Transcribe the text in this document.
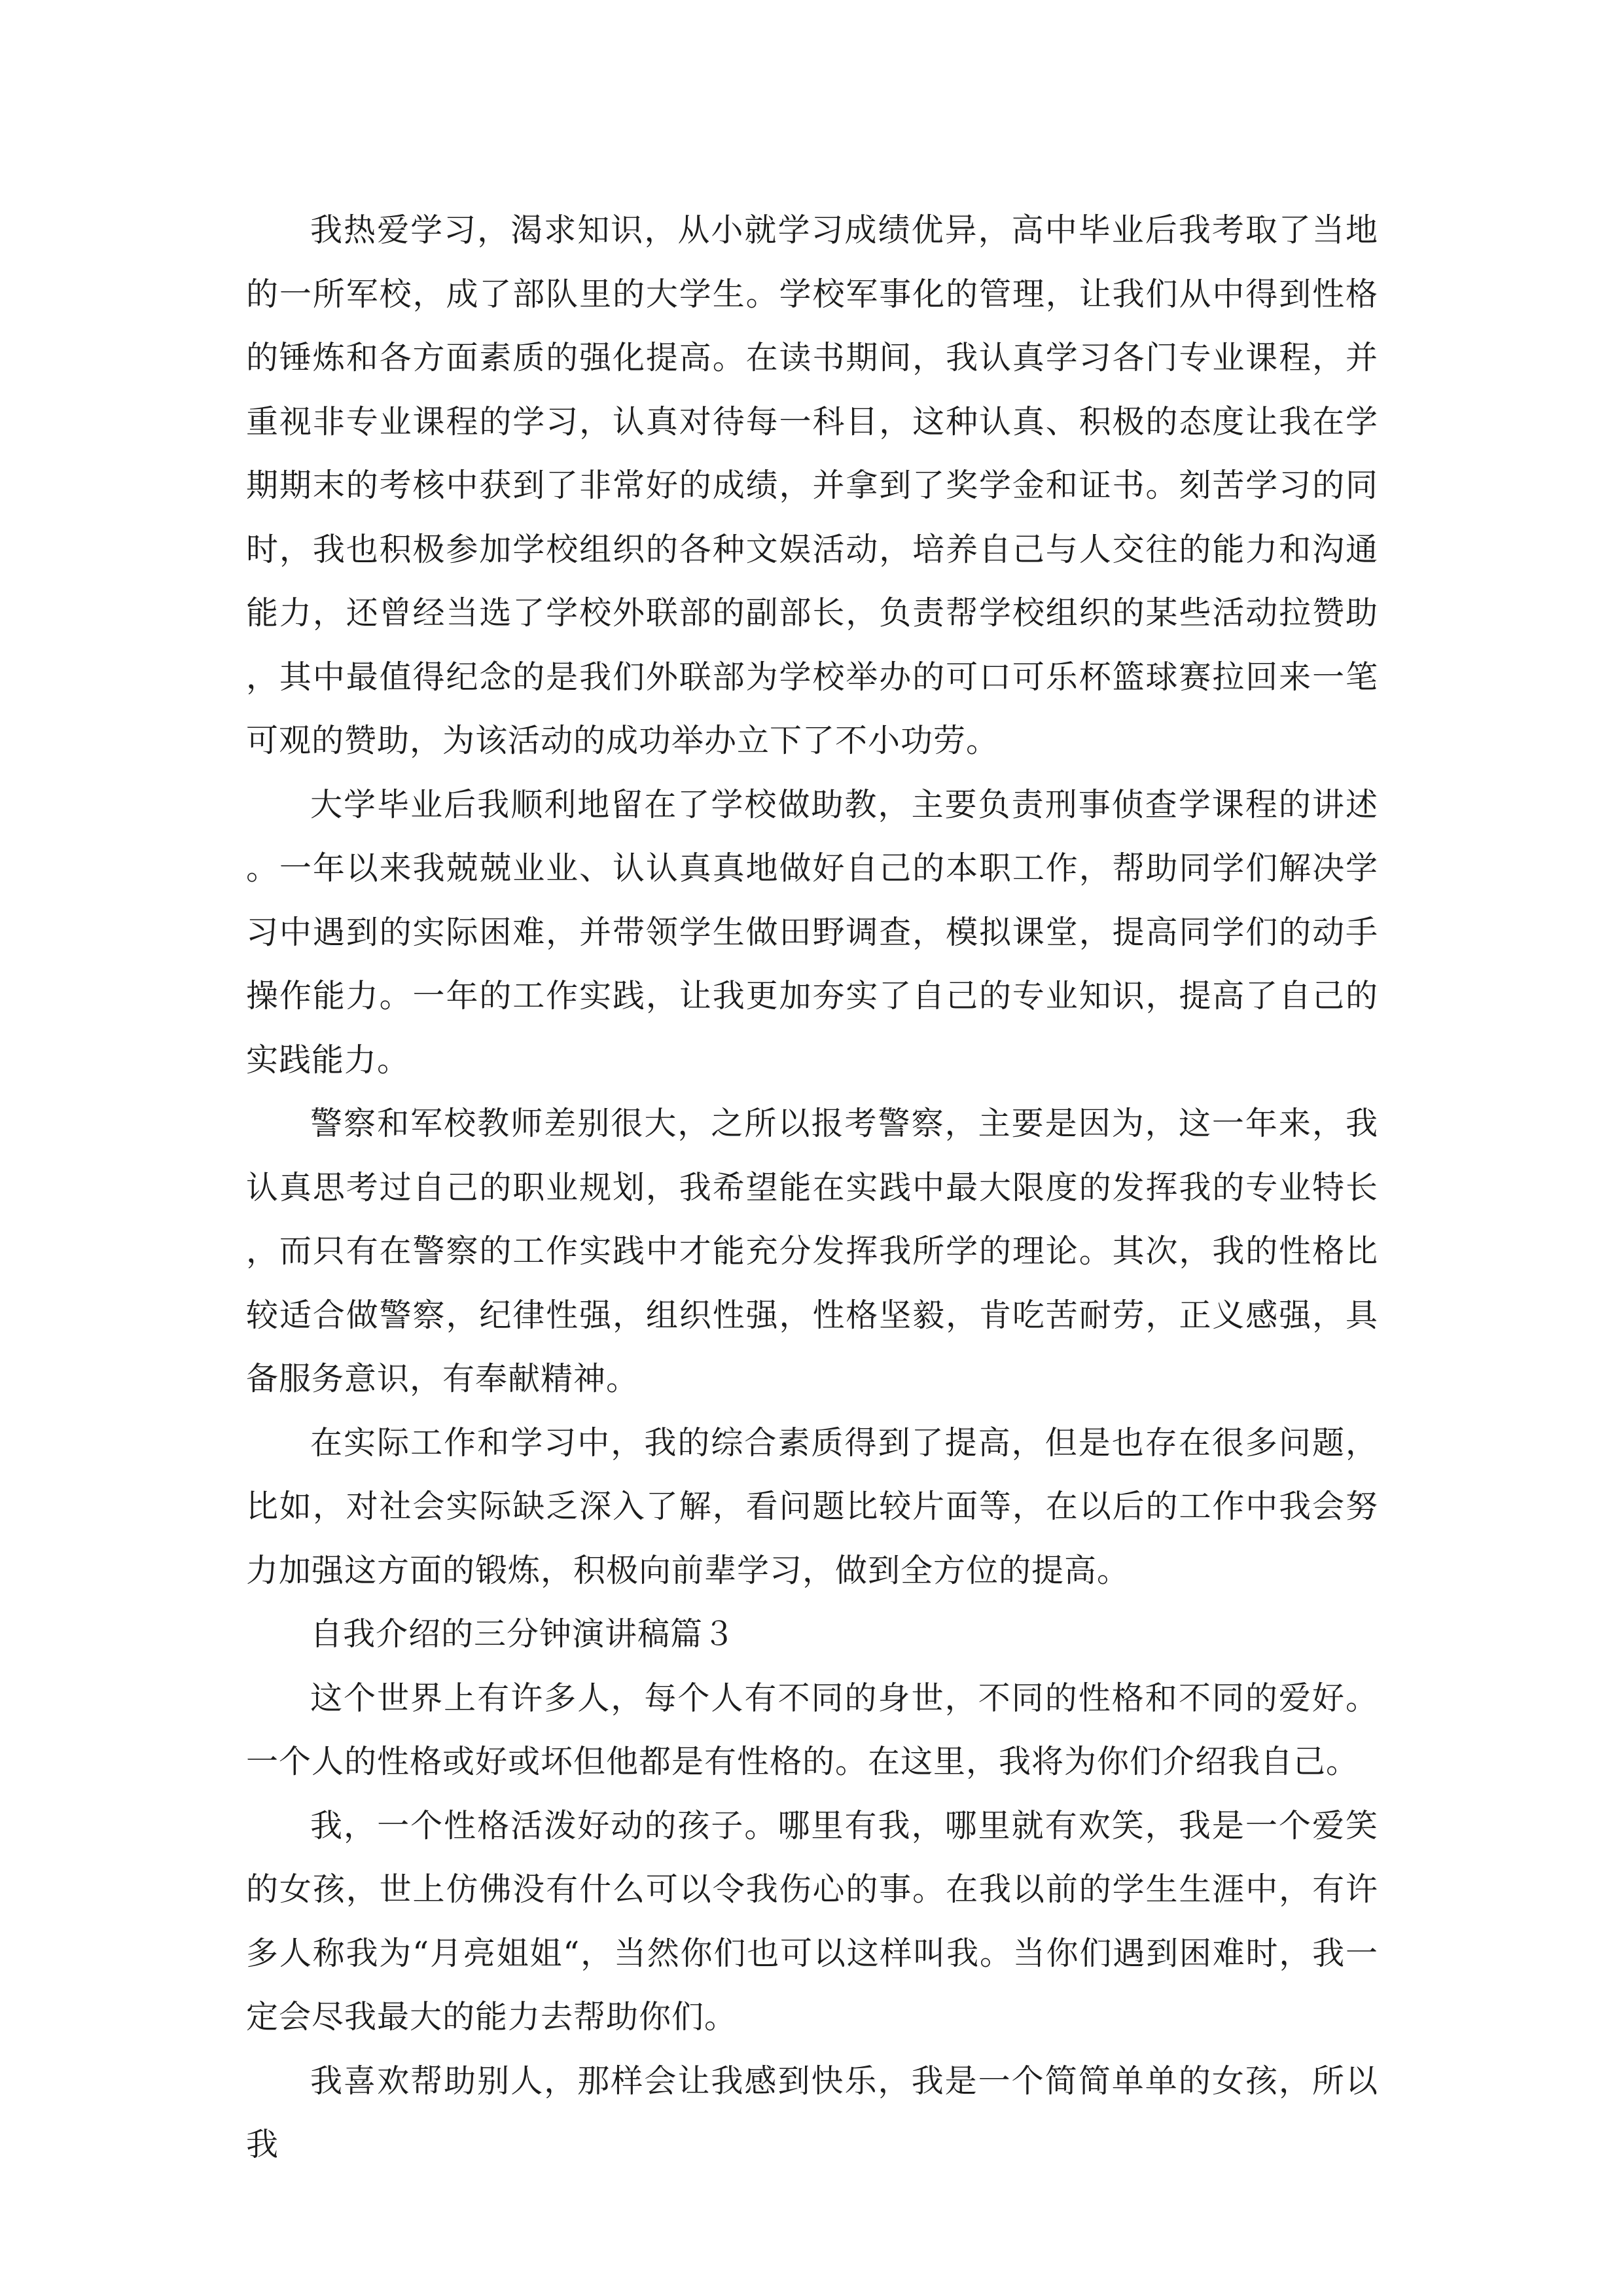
我热爱学习，渴求知识，从小就学习成绩优异，高中毕业后我考取了当地的一所军校，成了部队里的大学生。学校军事化的管理，让我们从中得到性格的锤炼和各方面素质的强化提高。在读书期间，我认真学习各门专业课程，并重视非专业课程的学习，认真对待每一科目，这种认真、积极的态度让我在学期期末的考核中获到了非常好的成绩，并拿到了奖学金和证书。刻苦学习的同时，我也积极参加学校组织的各种文娱活动，培养自己与人交往的能力和沟通能力，还曾经当选了学校外联部的副部长，负责帮学校组织的某些活动拉赞助，其中最值得纪念的是我们外联部为学校举办的可口可乐杯篮球赛拉回来一笔可观的赞助，为该活动的成功举办立下了不小功劳。

大学毕业后我顺利地留在了学校做助教，主要负责刑事侦查学课程的讲述。一年以来我兢兢业业、认认真真地做好自己的本职工作，帮助同学们解决学习中遇到的实际困难，并带领学生做田野调查，模拟课堂，提高同学们的动手操作能力。一年的工作实践，让我更加夯实了自己的专业知识，提高了自己的实践能力。

警察和军校教师差别很大，之所以报考警察，主要是因为，这一年来，我认真思考过自己的职业规划，我希望能在实践中最大限度的发挥我的专业特长，而只有在警察的工作实践中才能充分发挥我所学的理论。其次，我的性格比较适合做警察，纪律性强，组织性强，性格坚毅，肯吃苦耐劳，正义感强，具备服务意识，有奉献精神。

在实际工作和学习中，我的综合素质得到了提高，但是也存在很多问题，比如，对社会实际缺乏深入了解，看问题比较片面等，在以后的工作中我会努力加强这方面的锻炼，积极向前辈学习，做到全方位的提高。

自我介绍的三分钟演讲稿篇３

这个世界上有许多人，每个人有不同的身世，不同的性格和不同的爱好。一个人的性格或好或坏但他都是有性格的。在这里，我将为你们介绍我自己。

我，一个性格活泼好动的孩子。哪里有我，哪里就有欢笑，我是一个爱笑的女孩，世上仿佛没有什么可以令我伤心的事。在我以前的学生生涯中，有许多人称我为“月亮姐姐“，当然你们也可以这样叫我。当你们遇到困难时，我一定会尽我最大的能力去帮助你们。

我喜欢帮助别人，那样会让我感到快乐，我是一个简简单单的女孩，所以我
